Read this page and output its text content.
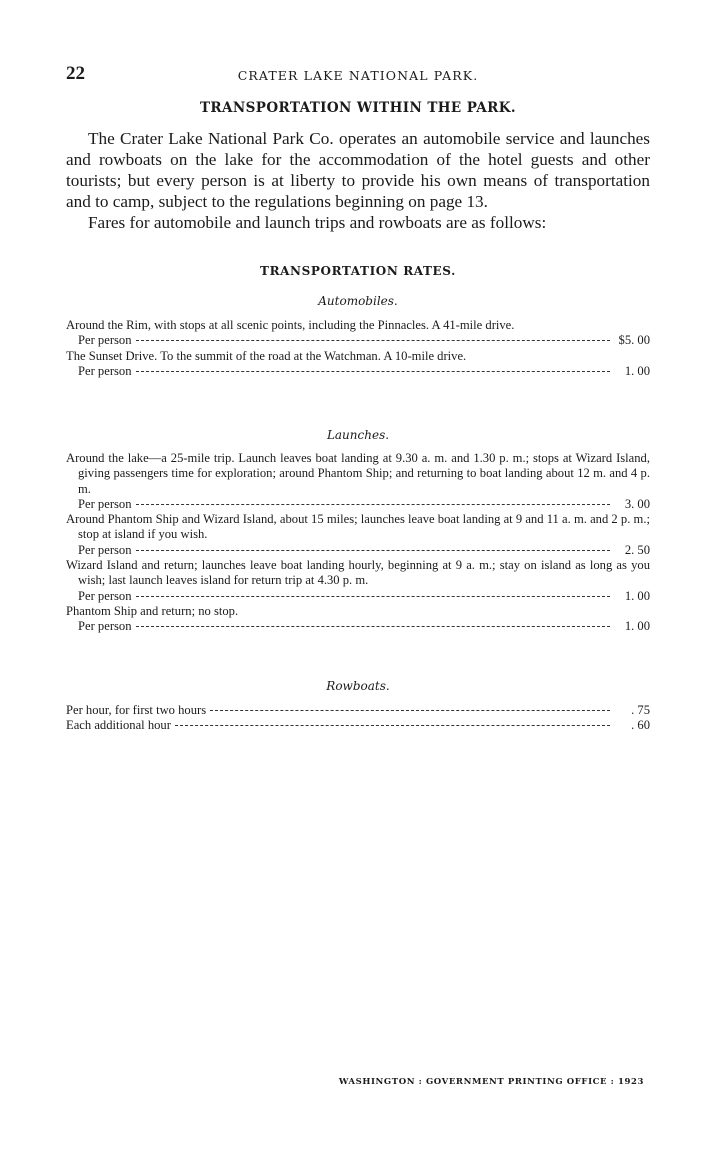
22	CRATER LAKE NATIONAL PARK.
TRANSPORTATION WITHIN THE PARK.

The Crater Lake National Park Co. operates an automobile service and launches and rowboats on the lake for the accommodation of the hotel guests and other tourists; but every person is at liberty to provide his own means of transportation and to camp, subject to the regulations beginning on page 13.

Fares for automobile and launch trips and rowboats are as follows:

TRANSPORTATION RATES.
Automobiles.
Around the Rim, with stops at all scenic points, including the Pinnacles. A 41-mile drive.
Per person	$5. 00
The Sunset Drive. To the summit of the road at the Watchman. A 10-mile drive.
Per person	1. 00
Launches.
Around the lake—a 25-mile trip. Launch leaves boat landing at 9.30 a. m. and 1.30 p. m.; stops at Wizard Island, giving passengers time for exploration; around Phantom Ship; and returning to boat landing about 12 m. and 4 p. m.
Per person	3. 00
Around Phantom Ship and Wizard Island, about 15 miles; launches leave boat landing at 9 and 11 a. m. and 2 p. m.; stop at island if you wish.
Per person	2. 50
Wizard Island and return; launches leave boat landing hourly, beginning at 9 a. m.; stay on island as long as you wish; last launch leaves island for return trip at 4.30 p. m.
Per person	1. 00
Phantom Ship and return; no stop.
Per person	1. 00
Rowboats.
Per hour, for first two hours	. 75
Each additional hour	. 60
WASHINGTON : GOVERNMENT PRINTING OFFICE : 1923
